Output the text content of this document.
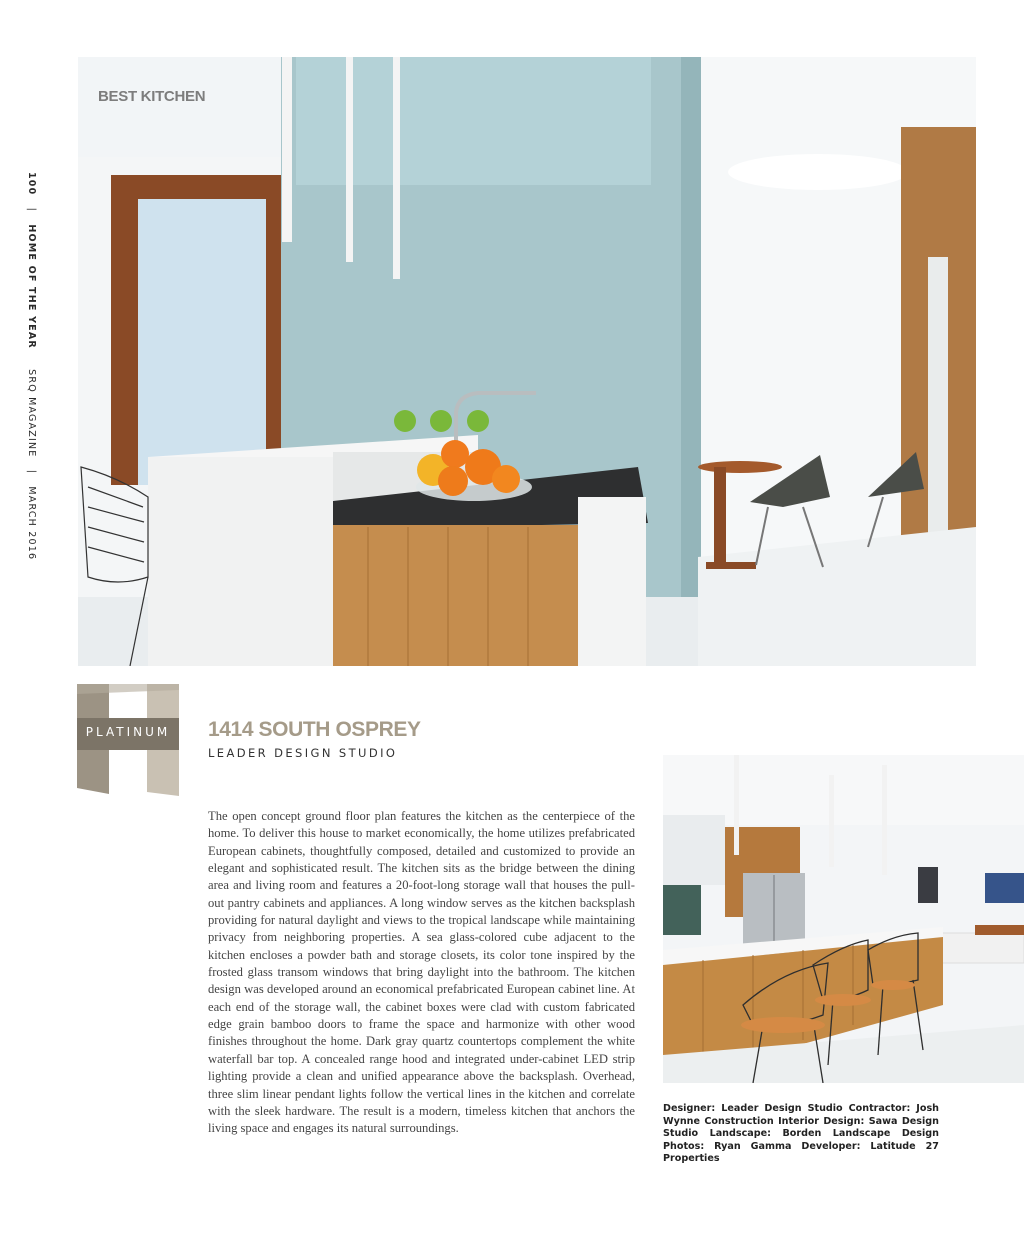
100 | HOME OF THE YEAR SRQ MAGAZINE | MARCH 2016
BEST KITCHEN
PLATINUM	1414 SOUTH OSPREY
LEADER DESIGN STUDIO

The open concept ground floor plan features the kitchen as the centerpiece of the home. To deliver this house to market economically, the home utilizes prefabricated European cabinets, thoughtfully composed, detailed and customized to provide an elegant and sophisticated result. The kitchen sits as the bridge between the dining area and living room and features a 20-foot-long storage wall that houses the pull-out pantry cabinets and appliances. A long window serves as the kitchen backsplash providing for natural daylight and views to the tropical landscape while maintaining privacy from neighboring properties. A sea glass-colored cube adjacent to the kitchen encloses a powder bath and storage closets, its color tone inspired by the frosted glass transom windows that bring daylight into the bathroom. The kitchen design was developed around an economical prefabricated European cabinet line. At each end of the storage wall, the cabinet boxes were clad with custom fabricated edge grain bamboo doors to frame the space and harmonize with other wood finishes throughout the home. Dark gray quartz countertops complement the white waterfall bar top. A concealed range hood and integrated under-cabinet LED strip lighting provide a clean and unified appearance above the backsplash. Overhead, three slim linear pendant lights follow the vertical lines in the kitchen and correlate with the sleek hardware. The result is a modern, timeless kitchen that anchors the living space and engages its natural surroundings.

Designer: Leader Design Studio Contractor: Josh Wynne Construction Interior Design: Sawa Design Studio Landscape: Borden Landscape Design Photos: Ryan Gamma Developer: Latitude 27 Properties
